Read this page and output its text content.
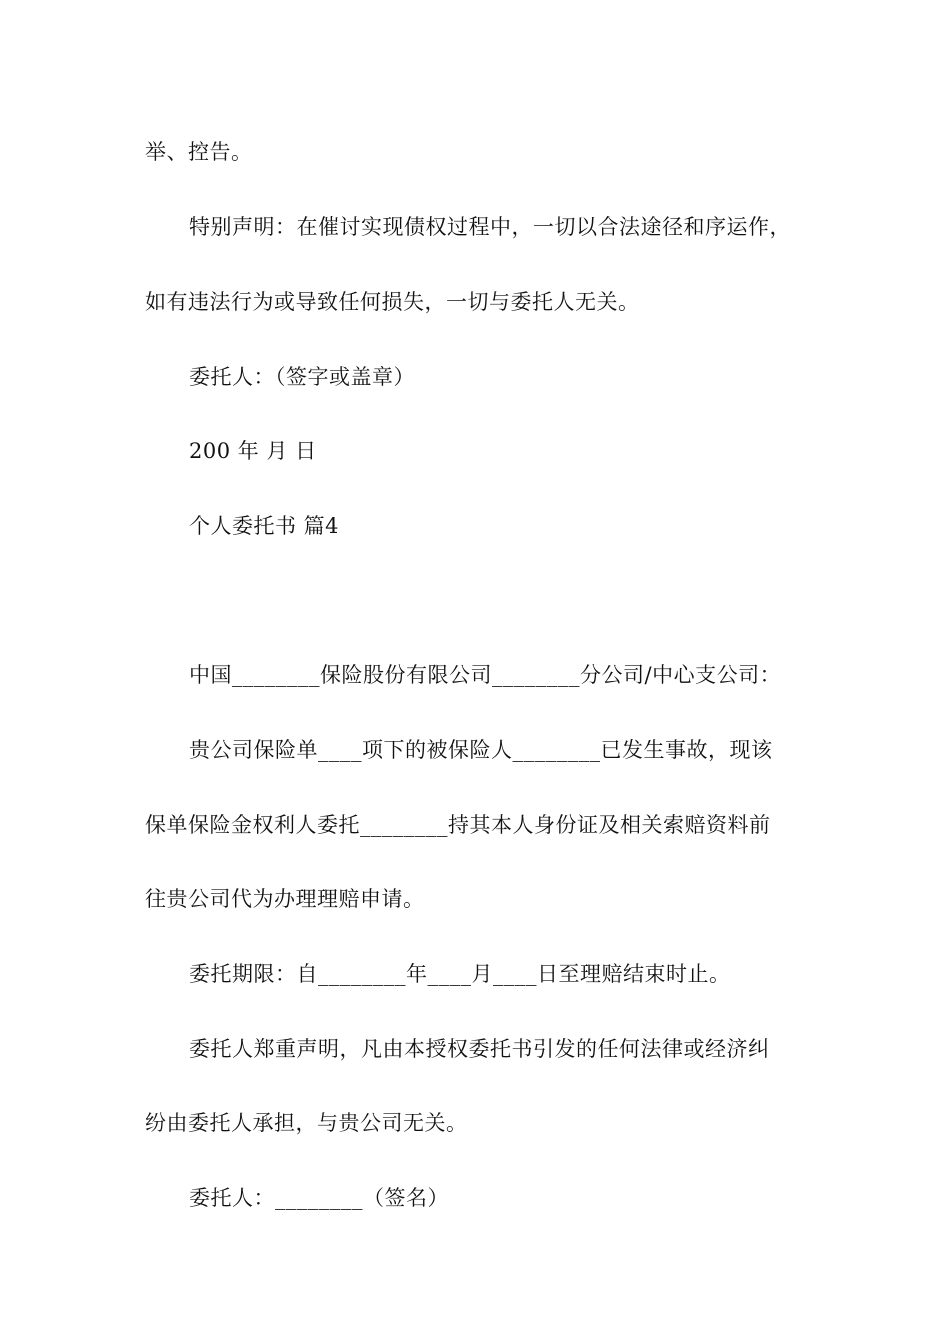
举、控告。
特别声明：在催讨实现债权过程中，一切以合法途径和序运作，
如有违法行为或导致任何损失，一切与委托人无关。
委托人：（签字或盖章）
200 年 月 日
个人委托书 篇4
中国________保险股份有限公司________分公司/中心支公司：
贵公司保险单____项下的被保险人________已发生事故，现该
保单保险金权利人委托________持其本人身份证及相关索赔资料前
往贵公司代为办理理赔申请。
委托期限：自________年____月____日至理赔结束时止。
委托人郑重声明，凡由本授权委托书引发的任何法律或经济纠
纷由委托人承担，与贵公司无关。
委托人：________（签名）
